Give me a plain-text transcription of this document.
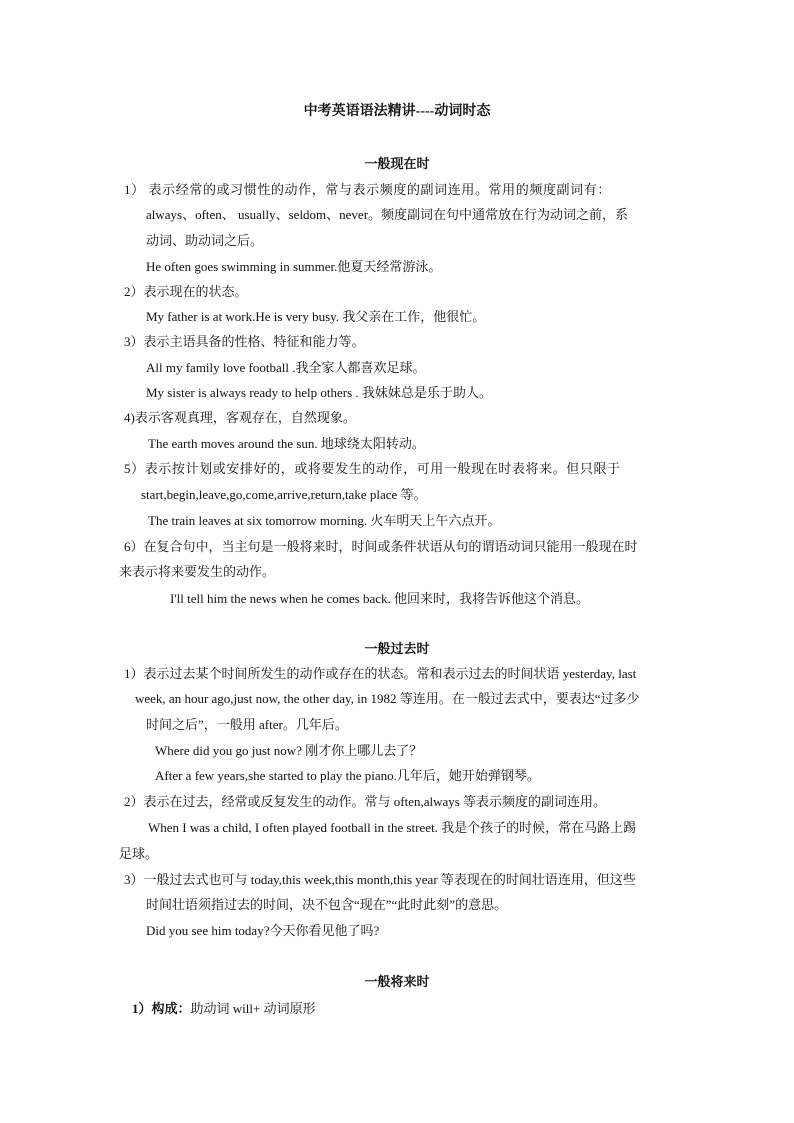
中考英语语法精讲----动词时态
一般现在时
1） 表示经常的或习惯性的动作，常与表示频度的副词连用。常用的频度副词有：
always、often、 usually、seldom、never。频度副词在句中通常放在行为动词之前，系
动词、助动词之后。
He often goes swimming in summer.他夏天经常游泳。
2）表示现在的状态。
My father is at work.He is very busy. 我父亲在工作，他很忙。
3）表示主语具备的性格、特征和能力等。
All my family love football .我全家人都喜欢足球。
My sister is always ready to help others . 我妹妹总是乐于助人。
4)表示客观真理，客观存在，自然现象。
The earth moves around the sun. 地球绕太阳转动。
5）表示按计划或安排好的，或将要发生的动作，可用一般现在时表将来。但只限于
start,begin,leave,go,come,arrive,return,take place 等。
The train leaves at six tomorrow morning. 火车明天上午六点开。
6）在复合句中，当主句是一般将来时，时间或条件状语从句的谓语动词只能用一般现在时
来表示将来要发生的动作。
I'll tell him the news when he comes back. 他回来时，我将告诉他这个消息。
一般过去时
1）表示过去某个时间所发生的动作或存在的状态。常和表示过去的时间状语 yesterday, last
week, an hour ago,just now, the other day, in 1982 等连用。在一般过去式中，要表达“过多少
时间之后”，一般用 after。几年后。
Where did you go just now? 刚才你上哪儿去了？
After a few years,she started to play the piano.几年后，她开始弹钢琴。
2）表示在过去，经常或反复发生的动作。常与 often,always 等表示频度的副词连用。
When I was a child, I often played football in the street. 我是个孩子的时候，常在马路上踢
足球。
3）一般过去式也可与 today,this week,this month,this year 等表现在的时间壮语连用，但这些
时间壮语须指过去的时间，决不包含“现在”“此时此刻”的意思。
Did you see him today?今天你看见他了吗?
一般将来时
1）构成：助动词 will+ 动词原形
